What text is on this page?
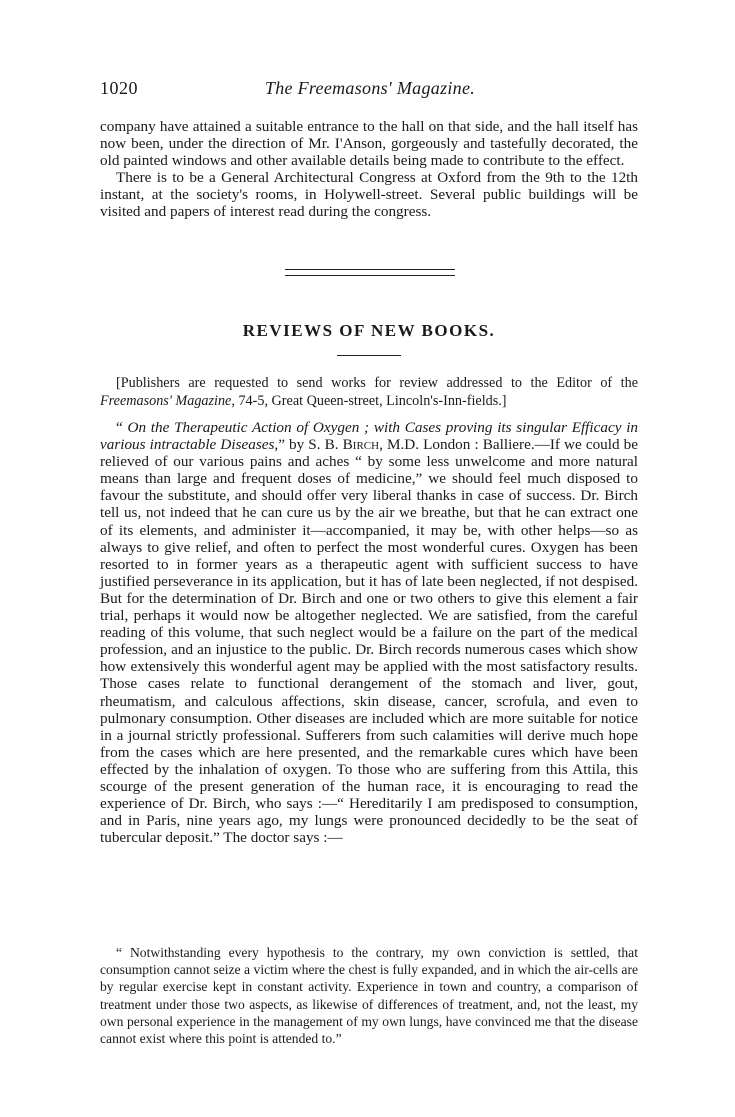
1020	The Freemasons' Magazine.

company have attained a suitable entrance to the hall on that side, and the hall itself has now been, under the direction of Mr. I'Anson, gorgeously and tastefully decorated, the old painted windows and other available details being made to contribute to the effect.

There is to be a General Architectural Congress at Oxford from the 9th to the 12th instant, at the society's rooms, in Holywell-street. Several public buildings will be visited and papers of interest read during the congress.

REVIEWS OF NEW BOOKS.

[Publishers are requested to send works for review addressed to the Editor of the Freemasons' Magazine, 74-5, Great Queen-street, Lincoln's-Inn-fields.]

“ On the Therapeutic Action of Oxygen ; with Cases proving its singular Efficacy in various intractable Diseases,” by S. B. Birch, M.D. London : Balliere.—If we could be relieved of our various pains and aches “ by some less unwelcome and more natural means than large and frequent doses of medicine,” we should feel much disposed to favour the substitute, and should offer very liberal thanks in case of success. Dr. Birch tell us, not indeed that he can cure us by the air we breathe, but that he can extract one of its elements, and administer it—accompanied, it may be, with other helps—so as always to give relief, and often to perfect the most wonderful cures. Oxygen has been resorted to in former years as a therapeutic agent with sufficient success to have justified perseverance in its application, but it has of late been neglected, if not despised. But for the determination of Dr. Birch and one or two others to give this element a fair trial, perhaps it would now be altogether neglected. We are satisfied, from the careful reading of this volume, that such neglect would be a failure on the part of the medical profession, and an injustice to the public. Dr. Birch records numerous cases which show how extensively this wonderful agent may be applied with the most satisfactory results. Those cases relate to functional derangement of the stomach and liver, gout, rheumatism, and calculous affections, skin disease, cancer, scrofula, and even to pulmonary consumption. Other diseases are included which are more suitable for notice in a journal strictly professional. Sufferers from such calamities will derive much hope from the cases which are here presented, and the remarkable cures which have been effected by the inhalation of oxygen. To those who are suffering from this Attila, this scourge of the present generation of the human race, it is encouraging to read the experience of Dr. Birch, who says :—“ Hereditarily I am predisposed to consumption, and in Paris, nine years ago, my lungs were pronounced decidedly to be the seat of tubercular deposit.” The doctor says :—

“ Notwithstanding every hypothesis to the contrary, my own conviction is settled, that consumption cannot seize a victim where the chest is fully expanded, and in which the air-cells are by regular exercise kept in constant activity. Experience in town and country, a comparison of treatment under those two aspects, as likewise of differences of treatment, and, not the least, my own personal experience in the management of my own lungs, have convinced me that the disease cannot exist where this point is attended to.”
